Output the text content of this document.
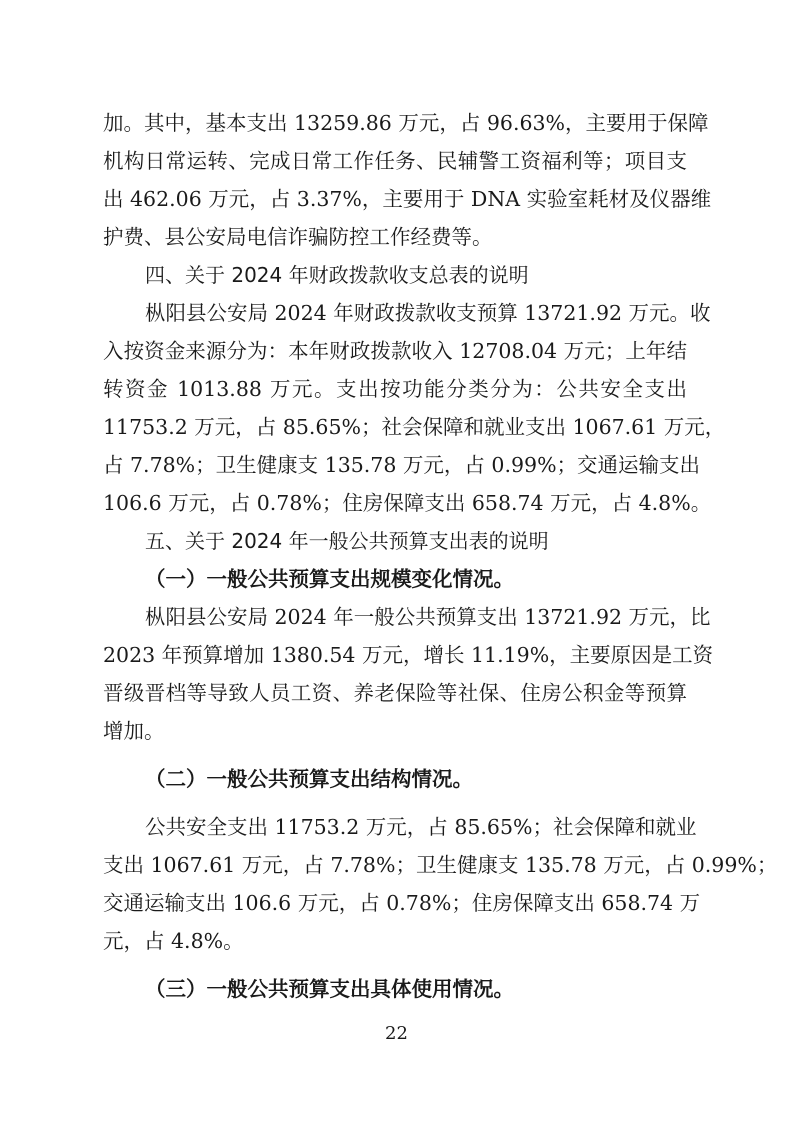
加。其中，基本支出 13259.86 万元，占 96.63%，主要用于保障
机构日常运转、完成日常工作任务、民辅警工资福利等；项目支
出 462.06 万元，占 3.37%，主要用于 DNA 实验室耗材及仪器维
护费、县公安局电信诈骗防控工作经费等。
四、关于 2024 年财政拨款收支总表的说明
枞阳县公安局 2024 年财政拨款收支预算 13721.92 万元。收
入按资金来源分为：本年财政拨款收入 12708.04 万元；上年结
转资金 1013.88 万元。支出按功能分类分为：公共安全支出
11753.2 万元，占 85.65%；社会保障和就业支出 1067.61 万元，
占 7.78%；卫生健康支 135.78 万元，占 0.99%；交通运输支出
106.6 万元，占 0.78%；住房保障支出 658.74 万元，占 4.8%。
五、关于 2024 年一般公共预算支出表的说明
（一）一般公共预算支出规模变化情况。
枞阳县公安局 2024 年一般公共预算支出 13721.92 万元，比
2023 年预算增加 1380.54 万元，增长 11.19%，主要原因是工资
晋级晋档等导致人员工资、养老保险等社保、住房公积金等预算
增加。
（二）一般公共预算支出结构情况。
公共安全支出 11753.2 万元，占 85.65%；社会保障和就业
支出 1067.61 万元，占 7.78%；卫生健康支 135.78 万元，占 0.99%；
交通运输支出 106.6 万元，占 0.78%；住房保障支出 658.74 万
元，占 4.8%。
（三）一般公共预算支出具体使用情况。
22
